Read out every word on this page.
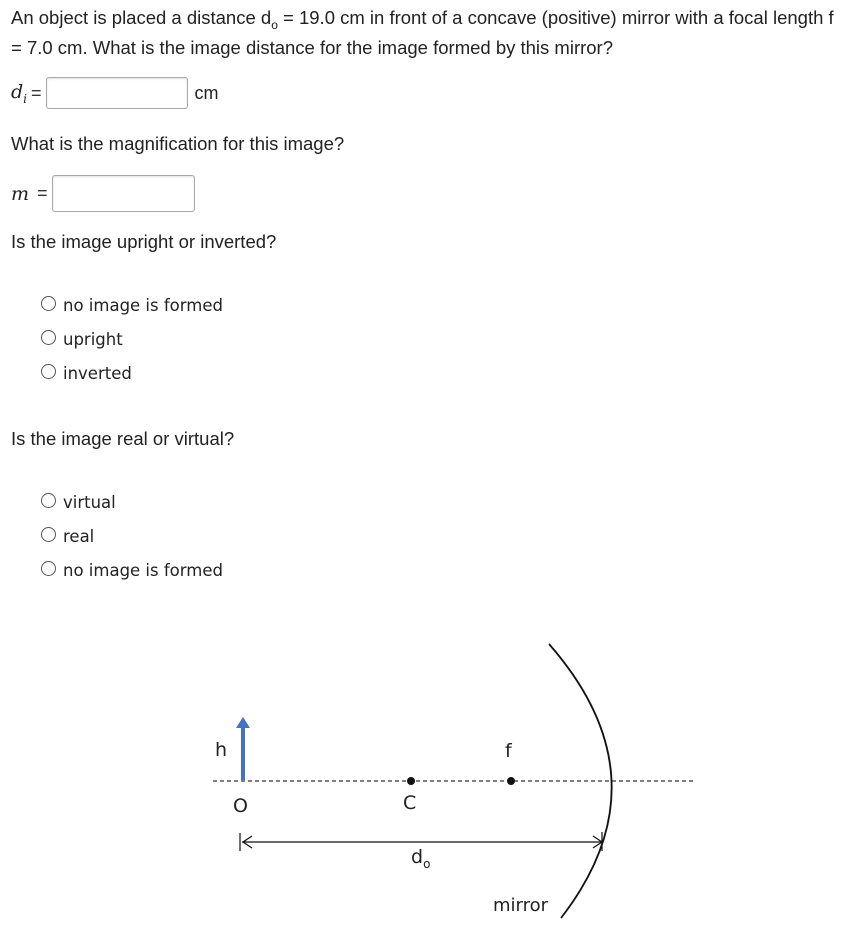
An object is placed a distance $d_o = 19.0$ cm in front of a concave (positive) mirror with a focal length f = 7.0 cm. What is the image distance for the image formed by this mirror?
$d_i$ =	cm
What is the magnification for this image?
m =
Is the image upright or inverted?
no image is formed
upright
inverted
Is the image real or virtual?
virtual
real
no image is formed
h
O	C
f
$d_o$
mirror
